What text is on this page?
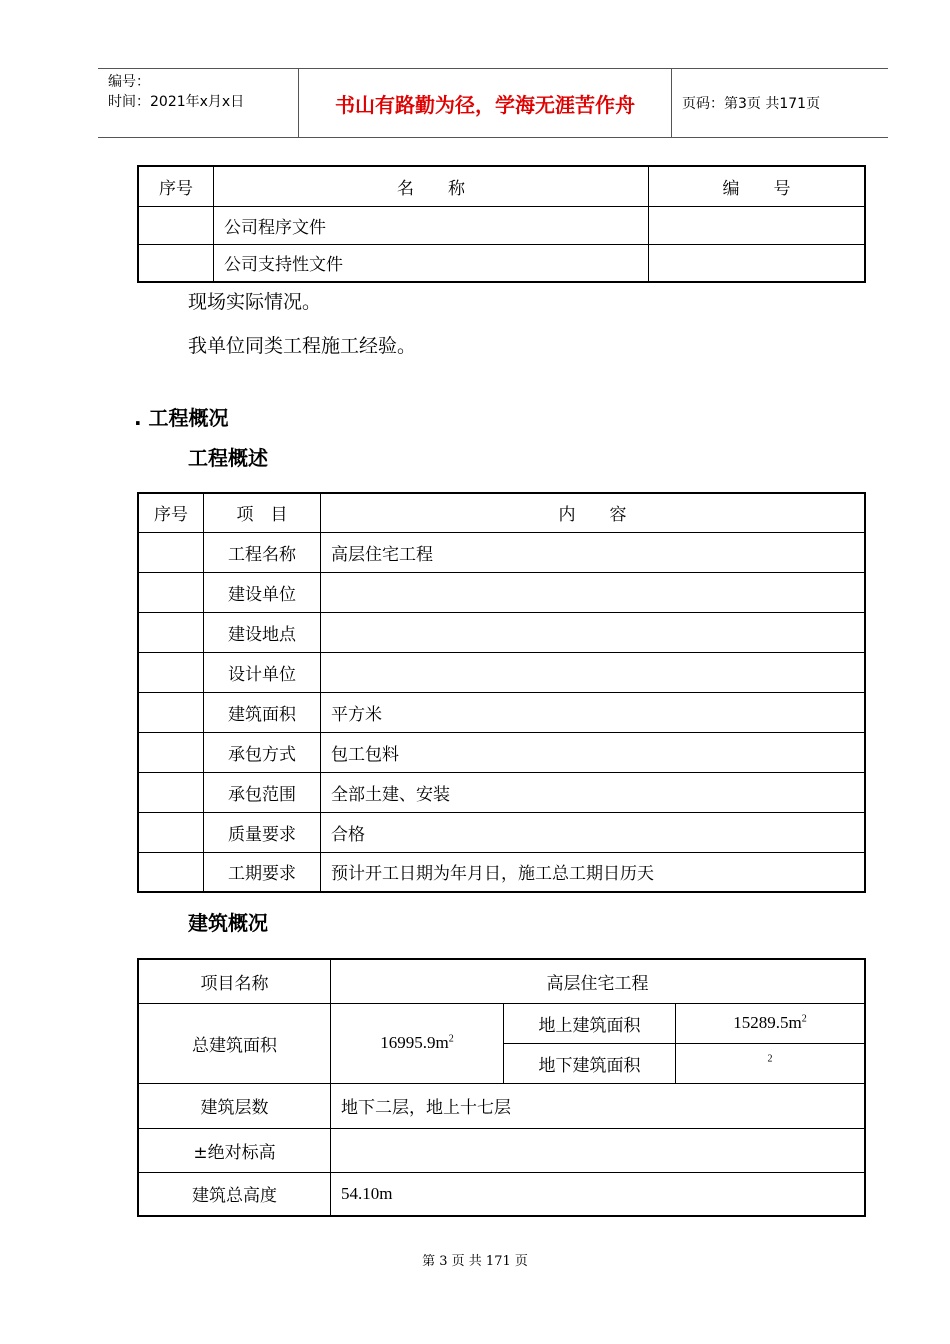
编号：
时间：2021年x月x日	书山有路勤为径，学海无涯苦作舟	页码：第3页 共171页
序号	名　　称	编　　号
	公司程序文件	
	公司支持性文件	
现场实际情况。
我单位同类工程施工经验。
. 工程概况
工程概述
序号	项　目	内　　容
	工程名称	高层住宅工程
	建设单位	
	建设地点	
	设计单位	
	建筑面积	平方米
	承包方式	包工包料
	承包范围	全部土建、安装
	质量要求	合格
	工期要求	预计开工日期为年月日，施工总工期日历天
建筑概况
项目名称	高层住宅工程		
总建筑面积	$16995.9m^2$	地上建筑面积	$15289.5m^2$
		地下建筑面积	$^2$
建筑层数	地下二层，地上十七层		
±绝对标高			
建筑总高度	54.10m		
第 3 页 共 171 页
